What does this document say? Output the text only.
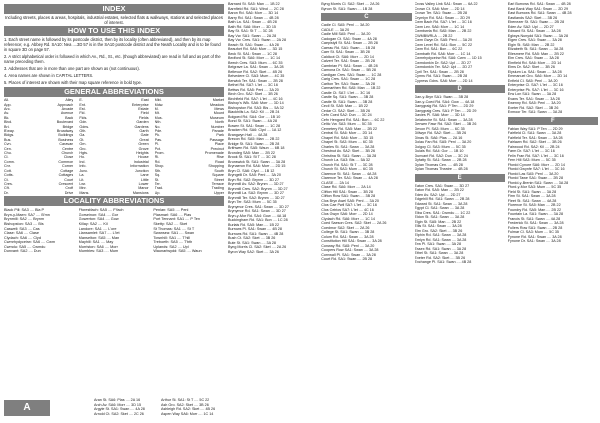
INDEX
Including streets, places & areas, hospitals, industrial estates, selected flats & walkways, stations and selected places of interest.
HOW TO USE THIS INDEX

1. Each street name is followed by its postcode district, then by its locality (often abbreviated), and then by its map reference; e.g. Abbey Rd. SA10: Nea ....3D 57 is in the SA10 postcode district and the Neath Locality and is to be found in square 3D on page 57.

2. A strict alphabetical order is followed in which Av., Rd., St., etc. (though abbreviated) are read in full and as part of the name preceding them.

3. Addresses that are in more than one part are shown as (not continuous).

4. Area names are shown in CAPITAL LETTERS.

5. Places of interest are shown with their map square reference in bold type.

GENERAL ABBREVIATIONS
All.	Alley
App.	Approach
Arc.	Arcade
Av.	Avenue
Bk.	Back
Blvd.	Boulevard
Bri.	Bridge
B'way.	Broadway
Bldgs.	Buildings
Bus.	Business
Cvn.	Caravan
Cen.	Centre
Chu.	Church
Cl.	Close
Comn.	Common
Cnr.	Corner
Cott.	Cottage
Cotts.	Cottages
Ct.	Court
Cres.	Crescent
Cft.	Croft
Dr.	Drive
E.	East
Ent.	Enterprise
Est.	Estate
Fld.	Field
Flds.	Fields
Gdn.	Garden
Gdns.	Gardens
Gth.	Garth
Ga.	Gate
Gt.	Great
Grn.	Green
Gro.	Grove
Hgts.	Heights
Ho.	House
Ind.	Industrial
Info.	Information
Junc.	Junction
La.	Lane
Lit.	Little
Lwr.	Lower
Mnr.	Manor
Mans.	Mansions
Mkt.	Market
Mdw.	Meadow
M.	Mews
Mt.	Mount
Mus.	Museum
Nth.	North
No.	Number
Pde.	Parade
Pk.	Park
Pas.	Passage
Pl.	Place
Pct.	Precinct
Prom.	Promenade
Ri.	Rise
Rd.	Road
Shop.	Shopping
Sth.	South
Sq.	Square
St.	Street
Ter.	Terrace
Trad.	Trading
Up.	Upper
LOCALITY ABBREVIATIONS
Black Pill: SA3 .... Bla P
Bryn-y-Maen: SA7 .... B'mn
Brynmill: SA2 .... Brynm
Bishopston: SA3 .... Bis
Caswell: SA3 .... Cas
Clase: SA6 .... Clase
Clydach: SA6 .... Clyd
Cwmrhydyceirw: SA6 .... Cwm
Cwmdu: SA5 .... Cwmdu
Dunvant: SA2 .... Dun
Fforestfach: SA5 .... F'fach
Gorseinon: SA4 .... Gor
Gowerton: SA4 .... Gow
Killay: SA2 .... Kil
Landore: SA1 .... L'ore
Llansamlet: SA7 .... L'let
Manselton: SA5 .... Man
Mayhill: SA1 .... May
Morriston: SA6 .... Morr
Mumbles: SA3 .... Mum
Penlan: SA5 .... Penl
Plasmarl: SA6 .... Plas
Port Tennant: SA1 .... P Ten
Sketty: SA2 .... Sket
St Thomas: SA1 .... St T
Swansea: SA1 .... Swan
Townhill: SA1 .... T'hill
Treboeth: SA5 .... T'bth
Uplands: SA2 .... Upl
Waunarlwydd: SA5 .... Waun
A
Aran St. SA6: Plas .... 2A 16
Arch Av. SA6: Morr .... 3D 15
Argyle St. SA1: Swan .... 4A 28
Arnold Ct. SA2: Sket .... 2C 26
Arthur St. SA1: St T .... 5C 22
Ash Gro. SA2: Sket .... 3B 26
Ashleigh Rd. SA2: Sket .... 4B 26
Aspen Way SA6: Morr .... 1C 14
Barnard St. SA5: Man .... 1B 22
Barnfield Rd. SA1: Wind .... 2C 28
Baron Rd. SA6: Morr .... 3D 14
Barry Rd. SA1: Swan .... 4B 28
Bath La. SA1: Swan .... 4B 28
Bath Rd. SA6: Morr .... 3D 15
Bay St. SA1: St T .... 3C 28
Bay Vw. SA1: Swan .... 2A 28
Bay Vw. Cres. SA1: Swan .... 2A 28
Beach St. SA1: Swan .... 4A 28
Beaufort Rd. SA6: Morr .... 3D 15
Beck St. SA1: Swan .... 1C 28
Bedford St. SA6: Morr .... 1C 14
Beech Cres. SA3: Mum .... 6C 35
Belgrave La. SA1: Swan .... 3A 28
Bellevue Rd. SA2: Sket .... 4B 26
Belvedere Cl. SA3: Mum .... 4C 35
Berwick Ter. SA1: Swan .... 2B 28
Bethel Rd. SA7: L'let .... 3C 16
Bettws Rd. SA5: Penl .... 3A 20
Birch Gro. SA2: Sket .... 3B 26
Birchfield Rd. SA7: L'let .... 4C 16
Bishop's Wlk. SA6: Morr .... 3D 14
Bishopston Rd. SA3: Bis .... 5A 32
Blackhills La. SA2: Kil .... 2B 24
Bolgoed Rd. SA4: Gor .... 1B 10
Bond St. SA1: Swan .... 4A 28
Bowen St. SA1: Swan .... 1C 28
Bracken Rd. SA6: Clyd .... 1A 12
Brangwyn Hall .... 4A 28
Brecon Rd. SA5: Man .... 2B 22
Bridge St. SA1: Swan .... 2B 28
Brithwen Rd. SA5: Waun .... 6B 18
Brondeg SA5: Man .... 2B 22
Brook St. SA1: St T .... 3C 28
Brunswick St. SA1: Swan .... 3A 28
Brynaeron Rd. SA6: Morr .... 2D 15
Bryn Cl. SA6: Clyd .... 1B 12
Bryngelli Dr. SA5: Penl .... 3A 20
Bryn Rd. SA2: Brynm .... 3D 27
Brynmill Av. SA2: Brynm .... 3D 27
Brynmill Cres. SA2: Brynm .... 3D 27
Brynmill La. SA2: Brynm .... 3D 27
Brynmill Ter. SA2: Brynm .... 3D 27
Bryn Ter. SA3: Mum .... 5C 35
Brynymor Cres. SA1: Swan .... 3D 27
Brynymor Rd. SA1: Swan .... 3D 27
Bryn-y-Mor Rd. SA4: Gow .... 4A 18
Buckingham Rd. SA1: Bon .... 1C 28
Burlais Rd. SA5: Man .... 1B 22
Burrows Pl. SA1: Swan .... 4B 28
Burrows Rd. SA1: Swan .... 4B 28
Bush Ct. SA2: Sket .... 3B 26
Bute St. SA1: Swan .... 3A 28
Byng Morris Cl. SA2: Sket .... 2A 26
Byron Way SA2: Sket .... 3A 26
Byng Morris Cl. SA2: Sket .... 2A 26
Bynon St. SA1: Swan .... 1B 28
C
Cadle Cl. SA5: Penl .... 3A 20
CADLE .... 3A 20
Cadle Mill SA5: Penl .... 3A 20
Cadogan Ct. SA1: Swan .... 4A 28
Caepistyll St. SA1: Swan .... 2B 28
Caerau Rd. SA1: Swan .... 1B 28
Caer St. SA1: Swan .... 3B 28
Caldicot Ct. SA6: Morr .... 2D 14
Calvert Ter. SA1: Swan .... 2B 28
Cambrian Pl. SA1: Swan .... 4B 28
Camona Dr. SA1: Swan .... 5B 28
Cardigan Cres. SA1: Swan .... 1C 28
Carig Cres. SA1: Swan .... 1C 28
Carlton Ter. SA1: Swan .... 3A 28
Carmarthen Rd. SA5: Man .... 1B 22
Castle Ct. SA7: L'let .... 3C 16
Castle Sq. SA1: Swan .... 3B 28
Castle St. SA1: Swan .... 3B 28
Cecil St. SA5: Man .... 1B 22
Cedar Cl. SA2: Sket .... 3B 26
Cefn Coed SA2: Dun .... 3C 24
Cefn Hengoed Rd. SA1: Bon .... 6C 22
Celtic Vw. SA3: Mum .... 5C 35
Cemetery Rd. SA5: Man .... 2B 22
Central St. SA6: Morr .... 2D 14
Chapel Rd. SA6: Morr .... 3D 15
Chapel St. SA3: Mum .... 6C 35
Charles St. SA1: Swan .... 3A 28
Chestnut Av. SA2: Sket .... 3B 26
Christina St. SA1: Swan .... 3A 28
Church La. SA3: Bis .... 5A 32
Church Rd. SA1: St T .... 3C 28
Church St. SA3: Mum .... 6C 35
Clarence St. SA1: Swan .... 4A 28
Clarence Ter. SA1: Swan .... 4A 28
CLASE .... 2A 14
Clase Rd. SA6: Morr .... 2A 14
Clifton Hill SA1: Swan .... 3B 28
Clifton Row SA1: Swan .... 3B 28
Clos Bryn Awel SA5: Penl .... 3A 20
Clos Cae Pwll SA7: L'let .... 3C 16
Clos Ceirios SA7: L'let .... 4C 16
Clos Gwyn SA6: Morr .... 2D 14
Clydach Rd. SA6: Morr .... 1C 14
Coed Saeson Cres. SA2: Sket .... 2A 26
Coedmor SA2: Sket .... 2A 26
College St. SA1: Swan .... 3B 28
Colum Rd. SA1: Swan .... 3A 28
Constitution Hill SA1: Swan .... 3A 28
Conway Rd. SA5: Penl .... 3A 20
Coopers Row SA1: Swan .... 3A 28
Cornwall Pl. SA1: Swan .... 3A 28
Court Rd. SA1: Swan .... 2B 28
Cross Valley Link SA1: Swan .... 6A 22
Crown Ct. SA6: Morr .... 2D 14
Crown Ter. SA1: Swan .... 2B 28
Crymlyn Rd. SA1: Swan .... 2D 29
Cwm Bach Rd. SA7: L'let .... 3C 16
Cwm Lev. SA6: Morr .... 1C 14
Cwmbwrla Rd. SA5: Man .... 2B 22
CWMBWRLA .... 2B 22
Cwm Gwyn Dr. SA5: Penl .... 3A 20
Cwm Level Rd. SA1: Bon .... 5C 22
Cwm Rd. SA1: Bon .... 6C 22
Cwmbath Rd. SA6: Morr .... 1C 14
Cwmrhydyceirw Rd. SA6: Cwm .... 1D 15
Cwmdonkin Dr. SA2: Upl .... 2D 27
Cwmdonkin Ter. SA2: Upl .... 2D 27
Cyril Ter. SA1: Swan .... 2B 28
Cymru Rd. SA1: Swan .... 2B 28
Cypress Gdns. SA6: Morr .... 2D 14
D
Dan-y-Bryn SA1: Swan .... 3B 28
Dan-y-Coed Rd. SA4: Gow .... 4A 18
Danygraig Rd. SA1: P Ten .... 2D 29
Danygraig Cres. SA1: P Ten .... 2D 29
Davies Pl. SA6: Morr .... 3D 14
Delabeche St. SA1: Swan .... 3A 28
Derwen Fawr Rd. SA2: Sket .... 3B 26
Devon Pl. SA3: Mum .... 6C 35
Dillwyn Rd. SA2: Sket .... 3B 26
Dinas St. SA6: Plas .... 2A 16
Dolau Fan Rd. SA5: Penl .... 3A 20
Dolgoy Cl. SA3: Mum .... 5C 35
Dulais Rd. SA4: Gor .... 1B 10
Dunvant Rd. SA2: Dun .... 3C 24
Dyfatty St. SA1: Swan .... 2B 28
Dylan Thomas Cen. .... 4B 28
Dylan Thomas Theatre .... 4B 28
E
Eaton Cres. SA1: Swan .... 3D 27
Eaton Rd. SA5: Man .... 2B 22
Eden Av. SA2: Upl .... 2D 27
Edgehill Rd. SA1: Swan .... 2B 28
Edward St. SA1: Swan .... 3A 28
Egypt Cl. SA1: Swan .... 3A 28
Elba Cres. SA1: Cwmdu .... 1C 22
Eldon St. SA1: Swan .... 3A 28
Elgin St. SA5: Man .... 2B 22
Ellis St. SA1: Swan .... 3A 28
Elm Gro. SA2: Sket .... 3B 26
Elphin Rd. SA1: Swan .... 3A 28
Emlyn Rd. SA1: Swan .... 3A 28
Erw Pl. SA1: Swan .... 3A 28
Essex Rd. SA1: Swan .... 3A 28
Ethel St. SA1: Swan .... 3A 28
Exeter Rd. SA2: Sket .... 3B 26
Exchange Pl. SA1: Swan .... 4B 28
Earl Burrows Rd. SA1: Swan .... 4B 28
East Bank Way SA1: Swan .... 2D 29
East Burrows Rd. SA1: Swan .... 4B 28
Eastlands SA2: Sket .... 3B 26
Ebenezer St. SA1: Swan .... 2B 28
Eden Av. SA2: Upl .... 2D 27
Edward St. SA1: Swan .... 3A 28
Eglwys Nunydd SA1: Swan .... 3A 28
Eigen Cres. SA1: Swan .... 3A 28
Elgin St. SA5: Man .... 2B 22
Elizabeth St. SA1: Swan .... 3A 28
Ellesmere Rd. SA5: Man .... 2B 22
Elm Cres. SA1: Swan .... 3A 28
Elmfield Rd. SA6: Morr .... 2D 14
Elms Dr. SA2: Sket .... 3B 26
Elysium La. SA1: Swan .... 3A 28
Emmanuel Gro. SA6: Morr .... 2D 14
Enfield Cl. SA5: Penl .... 3A 20
Enterprise Cl. SA7: L'let .... 3C 16
Enterprise Pk. SA7: L'let .... 3C 16
Erw Lon SA1: Swan .... 3A 28
Evans Ter. SA1: Swan .... 3A 28
Ewenny Rd. SA5: Penl .... 3A 20
Exeter Rd. SA2: Sket .... 3B 26
Exmoor Ter. SA1: Swan .... 3A 28
F
Fabian Way SA1: P Ten .... 2D 29
Fairfield Cl. SA1: Swan .... 3A 28
Fairfield Ter. SA1: Swan .... 3A 28
Fairlawn Rd. SA2: Sket .... 3B 26
Fairwood Rd. SA2: Kil .... 2B 24
Farm Dr. SA7: L'let .... 3C 16
Felin Fran Rd. SA7: L'let .... 3C 16
Fern Hill SA3: Mum .... 5C 35
Ffordd Cynore SA6: Morr .... 2D 14
Ffordd Gwynfe SA7: L'let .... 3C 16
Ffordd Las SA5: Penl .... 3A 20
Ffordd Tawe SA1: Swan .... 2B 28
Ffordd-y-Brenin SA1: Swan .... 3A 28
Fford-y-Mor SA3: Mum .... 5C 35
Field St. SA1: Swan .... 3A 28
Firm St. SA1: Swan .... 3A 28
Fleet St. SA1: Swan .... 4A 28
Florence St. SA5: Man .... 2B 22
Foundry Rd. SA5: Man .... 2B 22
Fountain La. SA1: Swan .... 3A 28
Francis St. SA1: Swan .... 4A 28
Frederick St. SA1: Swan .... 3A 28
Fullers Row SA1: Swan .... 2B 28
Fulmar Cl. SA3: Mum .... 5C 35
Fynone Rd. SA1: Swan .... 3A 28
Fynone Dr. SA1: Swan .... 3A 28
